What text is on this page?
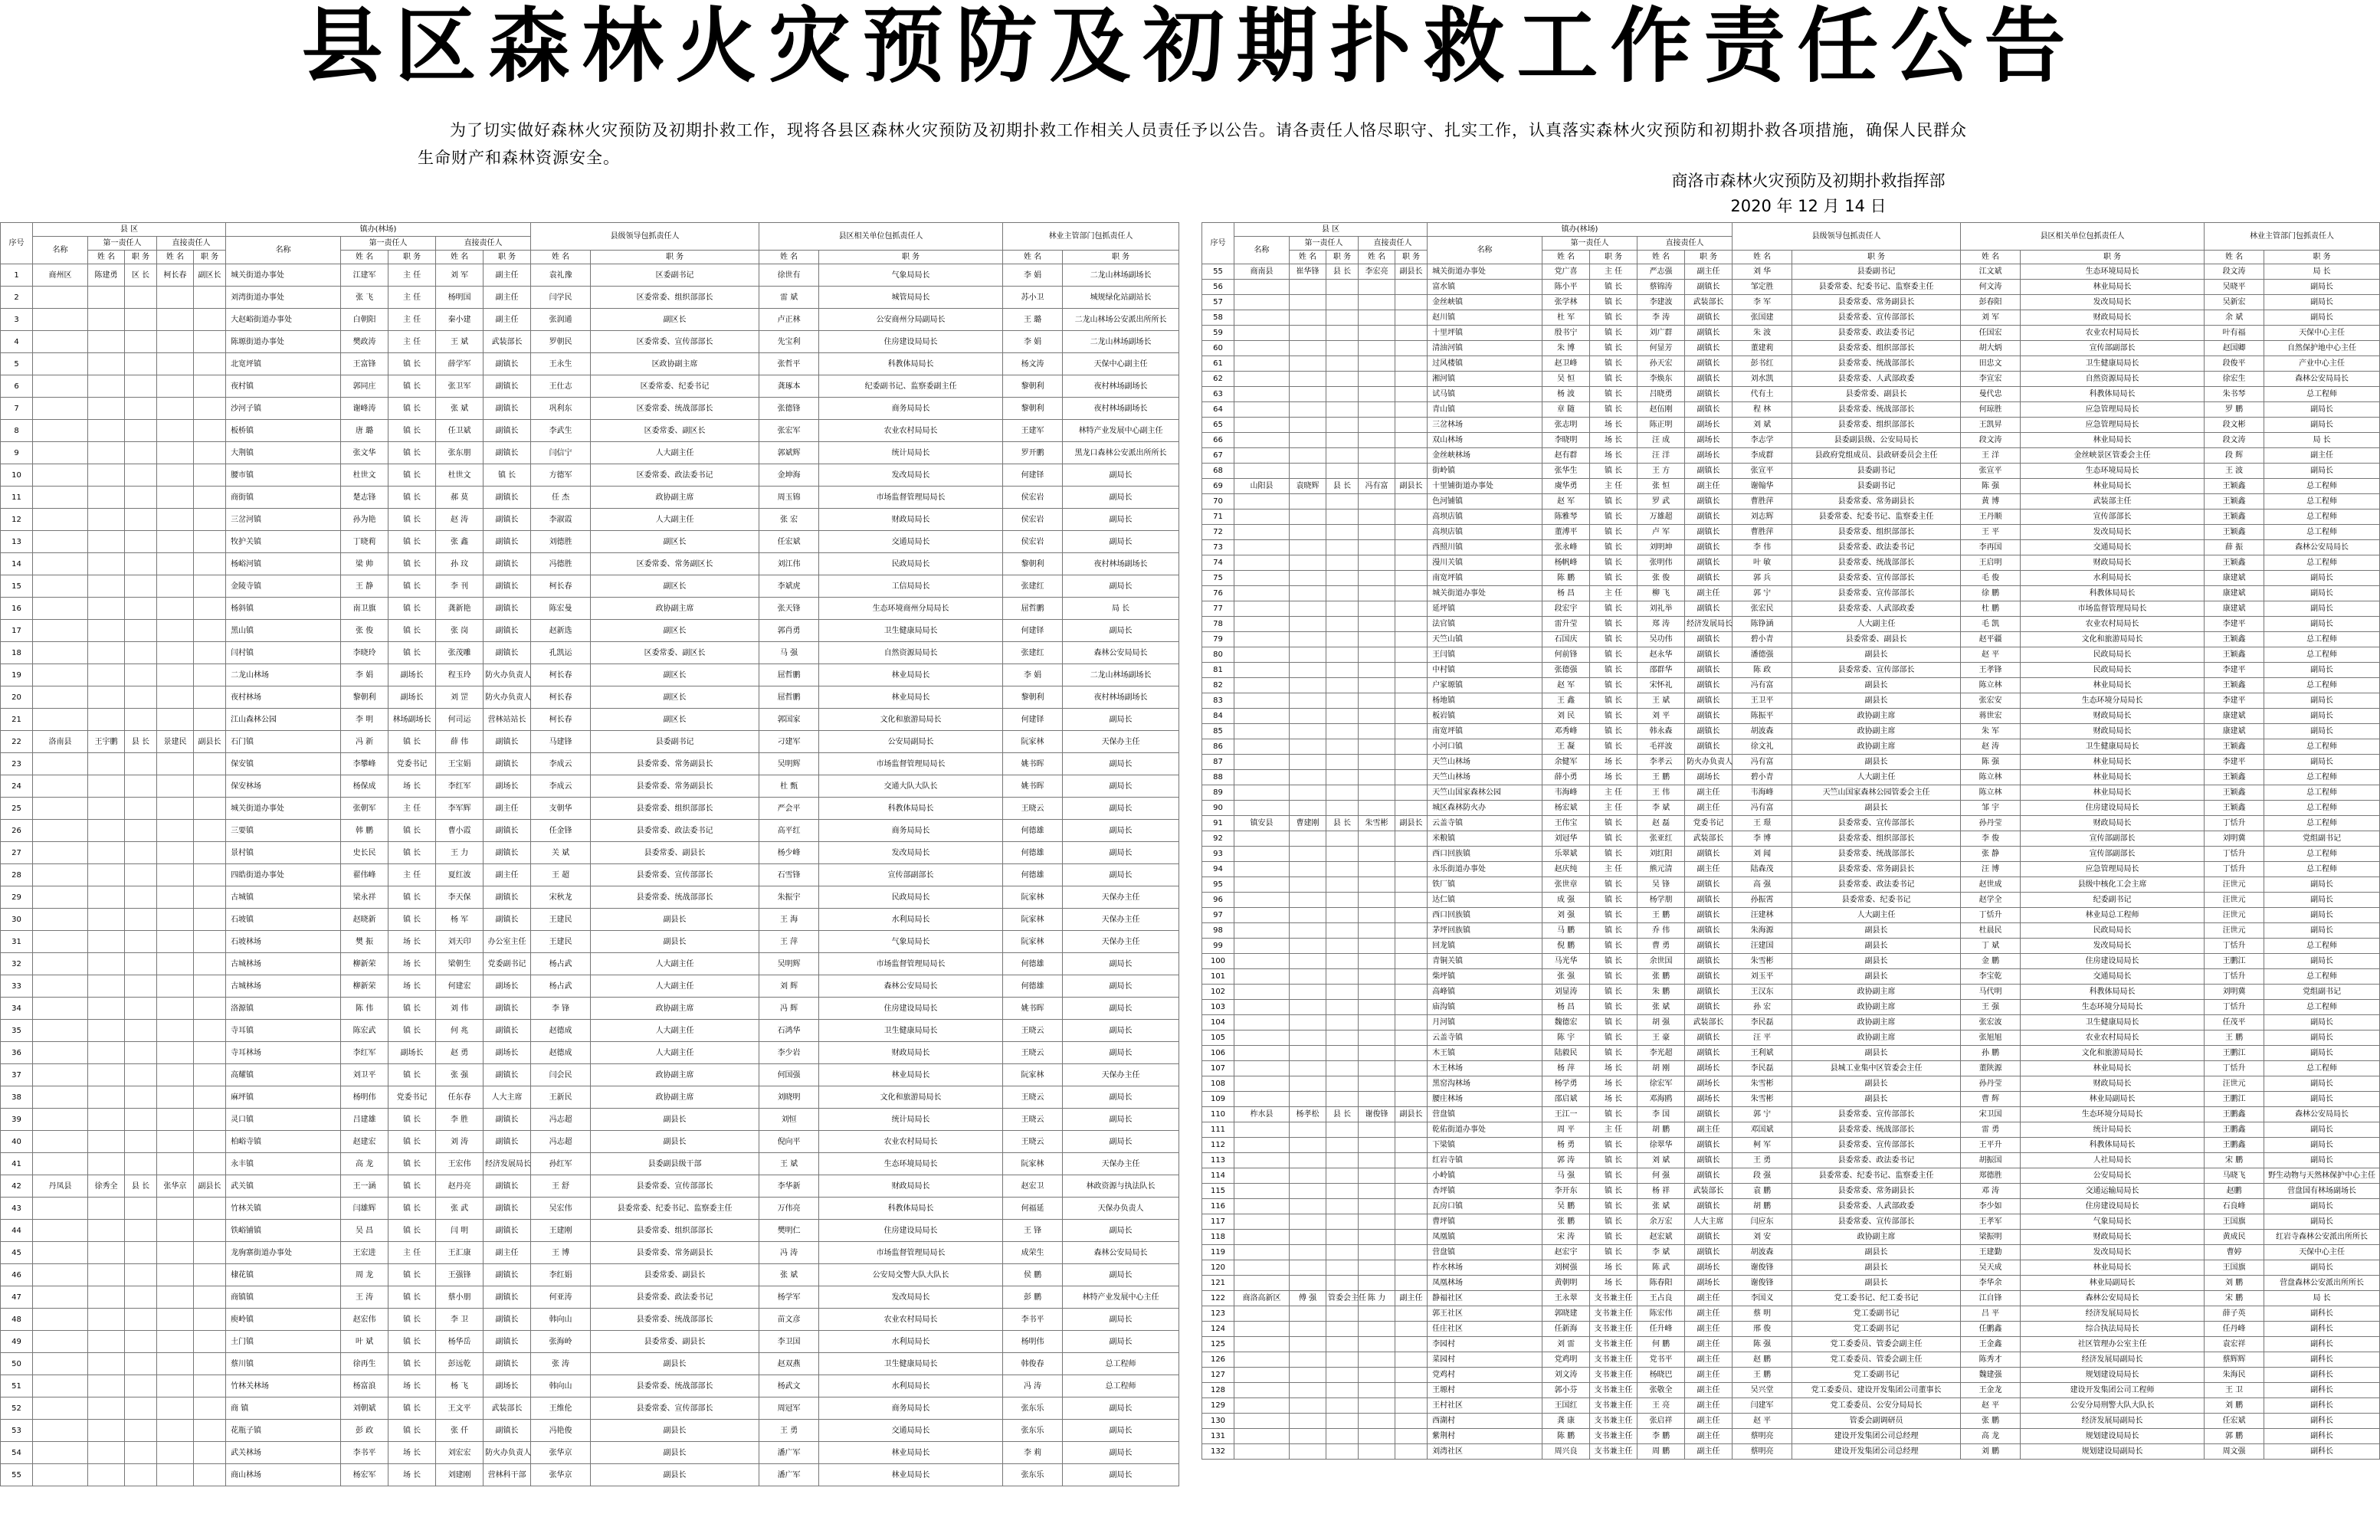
县区森林火灾预防及初期扑救工作责任公告

为了切实做好森林火灾预防及初期扑救工作，现将各县区森林火灾预防及初期扑救工作相关人员责任予以公告。请各责任人恪尽职守、扎实工作，认真落实森林火灾预防和初期扑救各项措施，确保人民群众生命财产和森林资源安全。

商洛市森林火灾预防及初期扑救指挥部
2020 年 12 月 14 日
序号	县 区					镇办(林场)					县级领导包抓责任人		县区相关单位包抓责任人		林业主管部门包抓责任人	
	名称	第一责任人		直接责任人		名称	第一责任人		直接责任人							
		姓 名	职 务	姓 名	职 务		姓 名	职 务	姓 名	职 务	姓 名	职 务	姓 名	职 务	姓 名	职 务
1	商州区	陈建勇	区 长	柯长春	副区长	城关街道办事处	江建军	主 任	刘 军	副主任	袁礼豫	区委副书记	徐世有	气象局局长	李 娟	二龙山林场副场长
2						刘湾街道办事处	张 飞	主 任	杨明国	副主任	闫学民	区委常委、组织部部长	雷 斌	城管局局长	苏小卫	城规绿化站副站长
3						大赵峪街道办事处	白朝阳	主 任	秦小建	副主任	张润通	副区长	卢正林	公安商州分局副局长	王 璐	二龙山林场公安派出所所长
4						陈塬街道办事处	樊政涛	主 任	王 斌	武装部长	罗朝民	区委常委、宣传部部长	先宝利	住房建设局局长	李 娟	二龙山林场副场长
5						北宽坪镇	王富锋	镇 长	薛学军	副镇长	王永生	区政协副主席	张哲平	科教体局局长	杨文涛	天保中心副主任
6						夜村镇	郭同庄	镇 长	张卫军	副镇长	王仕志	区委常委、纪委书记	龚琢本	纪委副书记、监察委副主任	黎朝利	夜村林场副场长
7						沙河子镇	谢峰涛	镇 长	张 斌	副镇长	巩利东	区委常委、统战部部长	张德锋	商务局局长	黎朝利	夜村林场副场长
8						板桥镇	唐 璐	镇 长	任卫斌	副镇长	李武生	区委常委、副区长	张宏军	农业农村局局长	王建军	林特产业发展中心副主任
9						大荆镇	张文华	镇 长	张东朋	副镇长	闫信宁	人大副主任	郭斌辉	统计局局长	罗开鹏	黑龙口森林公安派出所所长
10						腰市镇	杜世文	镇 长	杜世文	镇 长	方德军	区委常委、政法委书记	金坤海	发改局局长	何建铎	副局长
11						商街镇	楚志锋	镇 长	郝 莫	副镇长	任 杰	政协副主席	周玉锦	市场监督管理局局长	侯宏岩	副局长
12						三岔河镇	孙为艳	镇 长	赵 涛	副镇长	李淑霞	人大副主任	张 宏	财政局局长	侯宏岩	副局长
13						牧护关镇	丁晓莉	镇 长	张 鑫	副镇长	刘德胜	副区长	任宏斌	交通局局长	侯宏岩	副局长
14						杨峪河镇	梁 帅	镇 长	孙 玟	副镇长	冯德胜	区委常委、常务副区长	刘江伟	民政局局长	黎朝利	夜村林场副场长
15						金陵寺镇	王 静	镇 长	李 刊	副镇长	柯长春	副区长	李斌虎	工信局局长	张建红	副局长
16						杨斜镇	南卫旗	镇 长	龚新艳	副镇长	陈宏曼	政协副主席	张天锋	生态环境商州分局局长	屈哲鹏	局 长
17						黑山镇	张 俊	镇 长	张 岗	副镇长	赵新选	副区长	郭肖勇	卫生健康局局长	何建铎	副局长
18						闫村镇	李晓玲	镇 长	张茂雕	副镇长	孔凯运	区委常委、副区长	马 强	自然资源局局长	张建红	森林公安局局长
19						二龙山林场	李 娟	副场长	程玉玲	防火办负责人	柯长春	副区长	屈哲鹏	林业局局长	李 娟	二龙山林场副场长
20						夜村林场	黎朝利	副场长	刘 罡	防火办负责人	柯长春	副区长	屈哲鹏	林业局局长	黎朝利	夜村林场副场长
21						江山森林公园	李 明	林场副场长	何司运	营林站站长	柯长春	副区长	郭国家	文化和旅游局局长	何建铎	副局长
22	洛南县	王宇鹏	县 长	景建民	副县长	石门镇	冯 新	镇 长	薛 伟	副镇长	马建锋	县委副书记	刁建军	公安局副局长	阮家林	天保办主任
23						保安镇	李攀峰	党委书记	王宝娟	副镇长	李成云	县委常委、常务副县长	吴明辉	市场监督管理局局长	姚书晖	副局长
24						保安林场	杨保成	场 长	李红军	副场长	李成云	县委常委、常务副县长	杜 甄	交通大队大队长	姚书晖	副局长
25						城关街道办事处	张朝军	主 任	李军辉	副主任	支朝华	县委常委、组织部部长	严会平	科教体局局长	王晓云	副局长
26						三要镇	韩 鹏	镇 长	曹小霞	副镇长	任金锋	县委常委、政法委书记	高平红	商务局局长	何德雄	副局长
27						景村镇	史长民	镇 长	王 力	副镇长	关 斌	县委常委、副县长	杨少峰	发改局局长	何德雄	副局长
28						四皓街道办事处	翟伟峰	主 任	夏红波	副主任	王 超	县委常委、宣传部部长	石雪锋	宣传部副部长	何德雄	副局长
29						古城镇	梁永祥	镇 长	李天保	副镇长	宋秋龙	县委常委、统战部部长	朱振宇	民政局局长	阮家林	天保办主任
30						石坡镇	赵晓新	镇 长	杨 军	副镇长	王建民	副县长	王 海	水利局局长	阮家林	天保办主任
31						石坡林场	樊 振	场 长	刘天印	办公室主任	王建民	副县长	王 萍	气象局局长	阮家林	天保办主任
32						古城林场	柳新荣	场 长	梁朝生	党委副书记	杨占武	人大副主任	吴明辉	市场监督管理局局长	何德雄	副局长
33						古城林场	柳新荣	场 长	何建宏	副场长	杨占武	人大副主任	刘 辉	森林公安局局长	何德雄	副局长
34						洛源镇	陈 伟	镇 长	刘 伟	副镇长	李 锋	政协副主席	冯 辉	住房建设局局长	姚书晖	副局长
35						寺耳镇	陈宏武	镇 长	何 兆	副镇长	赵德成	人大副主任	石鸿华	卫生健康局局长	王晓云	副局长
36						寺耳林场	李红军	副场长	赵 勇	副场长	赵德成	人大副主任	李少岩	财政局局长	王晓云	副局长
37						高耀镇	刘卫平	镇 长	张 强	副镇长	闫会民	政协副主席	何国强	林业局局长	阮家林	天保办主任
38						麻坪镇	杨明伟	党委书记	任东春	人大主席	王新民	政协副主席	刘晓明	文化和旅游局局长	王晓云	副局长
39						灵口镇	吕建雄	镇 长	李 胜	副镇长	冯志超	副县长	刘恒	统计局局长	王晓云	副局长
40						柏峪寺镇	赵建宏	镇 长	刘 涛	副镇长	冯志超	副县长	倪向平	农业农村局局长	王晓云	副局长
41						永丰镇	高 龙	镇 长	王宏伟	经济发展局长	孙红军	县委副县级干部	王 斌	生态环境局局长	阮家林	天保办主任
42	丹凤县	徐秀全	县 长	张华京	副县长	武关镇	王一涵	镇 长	赵丹亮	副镇长	王 舒	县委常委、宣传部部长	李华新	财政局局长	赵宏卫	林政资源与执法队长
43						竹林关镇	闫雄辉	镇 长	张 武	副镇长	吴宏伟	县委常委、纪委书记、监察委主任	万伟亮	科教体局局长	何福延	天保办负责人
44						铁峪铺镇	吴 昌	镇 长	闫 明	副镇长	王建刚	县委常委、组织部部长	樊明仁	住房建设局局长	王 锋	副局长
45						龙驹寨街道办事处	王宏进	主 任	王汇康	副主任	王 博	县委常委、常务副县长	冯 涛	市场监督管理局局长	成荣生	森林公安局局长
46						棣花镇	周 龙	镇 长	王强锋	副镇长	李红娟	县委常委、副县长	张 斌	公安局交警大队大队长	侯 鹏	副局长
47						商镇镇	王 涛	镇 长	蔡小朋	副镇长	何亚涛	县委常委、政法委书记	杨学军	发改局局长	彭 鹏	林特产业发展中心主任
48						庾岭镇	赵宏伟	镇 长	李 卫	副镇长	韩向山	县委常委、统战部部长	苗文彦	农业农村局局长	李书平	副局长
49						土门镇	叶 斌	镇 长	杨华岳	副镇长	张海岭	县委常委、副县长	李卫国	水利局局长	杨明伟	副局长
50						蔡川镇	徐再生	镇 长	彭远乾	副镇长	张 涛	副县长	赵双燕	卫生健康局局长	韩俊春	总工程师
51						竹林关林场	杨富浪	场 长	杨 飞	副场长	韩向山	县委常委、统战部部长	杨武文	水利局局长	冯 涛	总工程师
52						商 镇	刘朝斌	镇 长	王文平	武装部长	王维伦	县委常委、宣传部部长	周冠军	商务局局长	张东乐	副局长
53						花瓶子镇	彭 政	镇 长	张 仟	副镇长	冯艳俊	副县长	王 勇	交通局局长	张东乐	副局长
54						武关林场	李书平	场 长	刘宏宏	防火办负责人	张华京	副县长	潘广军	林业局局长	李 莉	副局长
55						商山林场	杨宏军	场 长	刘建刚	营林科干部	张华京	副县长	潘广军	林业局局长	张东乐	副局长
序号	县 区					镇办(林场)					县级领导包抓责任人		县区相关单位包抓责任人		林业主管部门包抓责任人	
	名称	第一责任人		直接责任人		名称	第一责任人		直接责任人							
		姓 名	职 务	姓 名	职 务		姓 名	职 务	姓 名	职 务	姓 名	职 务	姓 名	职 务	姓 名	职 务
55	商南县	崔华锋	县 长	李宏亮	副县长	城关街道办事处	党广喜	主 任	严志强	副主任	刘 华	县委副书记	江文斌	生态环境局局长	段文涛	局 长
56						富水镇	陈小平	镇 长	蔡锦涛	副镇长	邹定胜	县委常委、纪委书记、监察委主任	何文涛	林业局局长	吴晓平	副局长
57						金丝峡镇	张学林	镇 长	李建波	武装部长	李 军	县委常委、常务副县长	彭春阳	发改局局长	吴新宏	副局长
58						赵川镇	杜 军	镇 长	李 涛	副镇长	张国建	县委常委、宣传部部长	刘 军	财政局局长	余 斌	副局长
59						十里坪镇	殷书宁	镇 长	刘广群	副镇长	朱 波	县委常委、政法委书记	任国宏	农业农村局局长	叶有福	天保中心主任
60						清油河镇	朱 博	镇 长	何显芳	副镇长	董建莉	县委常委、组织部部长	胡大炳	宣传部副部长	赵国卿	自然保护地中心主任
61						过风楼镇	赵卫峰	镇 长	孙天宏	副镇长	彭书红	县委常委、统战部部长	田忠文	卫生健康局局长	段俊平	产业中心主任
62						湘河镇	吴 恒	镇 长	李焕东	副镇长	刘水凯	县委常委、人武部政委	李宣宏	自然资源局局长	徐宏生	森林公安局局长
63						试马镇	杨 波	镇 长	吕晓勇	副镇长	代有土	县委常委、副县长	曼代忠	科教体局局长	朱书琴	总工程师
64						青山镇	章 随	镇 长	赵伍刚	副镇长	程 林	县委常委、统战部部长	何琼胜	应急管理局局长	罗 鹏	副局长
65						三岔林场	张志明	场 长	陈正明	副场长	刘 斌	县委常委、组织部部长	王凯昇	应急管理局局长	段文彬	副局长
66						双山林场	李晓明	场 长	汪 成	副场长	李志学	县委副县级、公安局局长	段文涛	林业局局长	段文涛	局 长
67						金丝峡林场	赵有群	场 长	汪 洋	副场长	李成群	县政府党组成员、县政研委员会主任	王 洋	金丝峡景区管委会主任	段 辉	副主任
68						街岭镇	张华生	镇 长	王 方	副镇长	张宣平	县委副书记	张宣平	生态环境局局长	王 波	副局长
69	山阳县	袁晓辉	县 长	冯有富	副县长	十里铺街道办事处	虞华勇	主 任	张 恒	副主任	谢翰华	县委副书记	陈 强	林业局局长	王颖鑫	总工程师
70						色河铺镇	赵 军	镇 长	罗 武	副镇长	曹胜萍	县委常委、常务副县长	黄 博	武装部主任	王颖鑫	总工程师
71						高坝店镇	陈雅琴	镇 长	万雄超	副镇长	刘志辉	县委常委、纪委书记、监察委主任	王丹顺	宣传部部长	王颖鑫	总工程师
72						高坝店镇	董溥平	镇 长	卢 军	副镇长	曹胜萍	县委常委、组织部部长	王 平	发改局局长	王颖鑫	总工程师
73						西照川镇	张永峰	镇 长	刘明坤	副镇长	李 伟	县委常委、政法委书记	李再国	交通局局长	薛 振	森林公安局局长
74						漫川关镇	杨帆峰	镇 长	张明伟	副镇长	叶 敏	县委常委、统战部部长	王启明	财政局局长	王颖鑫	总工程师
75						南宽坪镇	陈 鹏	镇 长	张 俊	副镇长	郭 兵	县委常委、宣传部部长	毛 俊	水利局局长	康建斌	副局长
76						城关街道办事处	杨 昌	主 任	柳 飞	副主任	郭 宁	县委常委、宣传部部长	徐 鹏	科教体局局长	康建斌	副局长
77						延坪镇	段宏宇	镇 长	刘礼举	副镇长	张宏民	县委常委、人武部政委	杜 鹏	市场监督管理局局长	康建斌	副局长
78						法官镇	雷升莹	镇 长	郑 涛	经济发展局长	陈铮涵	人大副主任	毛 凯	农业农村局局长	李建平	副局长
79						天竺山镇	石国庆	镇 长	吴功伟	副镇长	碧小青	县委常委、副县长	赵平疆	文化和旅游局局长	王颖鑫	总工程师
80						王闫镇	何前锋	镇 长	赵永华	副镇长	潘德强	副县长	赵 平	民政局局长	王颖鑫	总工程师
81						中村镇	张德强	镇 长	邵群华	副镇长	陈 政	县委常委、宣传部部长	王孝锋	民政局局长	李建平	副局长
82						户家塬镇	赵 军	镇 长	宋怀礼	副镇长	冯有富	副县长	陈立林	林业局局长	王颖鑫	总工程师
83						杨地镇	王 鑫	镇 长	王 斌	副镇长	王卫平	副县长	张宏安	生态环境分局局长	李建平	副局长
84						板岩镇	刘 民	镇 长	刘 平	副镇长	陈振平	政协副主席	蒋世宏	财政局局长	康建斌	副局长
85						南宽坪镇	邓秀峰	镇 长	韩永森	副镇长	胡波森	政协副主席	朱 军	财政局局长	康建斌	副局长
86						小河口镇	王 凝	镇 长	毛祥波	副镇长	徐文礼	政协副主席	赵 涛	卫生健康局局长	王颖鑫	总工程师
87						天竺山林场	余健军	场 长	李孝云	防火办负责人	冯有富	副县长	陈 强	林业局局长	李建平	副局长
88						天竺山林场	薛小勇	场 长	王 鹏	副场长	碧小青	人大副主任	陈立林	林业局局长	王颖鑫	总工程师
89						天竺山国家森林公园	韦海峰	主 任	王 伟	副主任	韦海峰	天竺山国家森林公园管委会主任	陈立林	林业局局长	王颖鑫	总工程师
90						城区森林防火办	杨宏斌	主 任	李 斌	副主任	冯有富	副县长	邹 宇	住房建设局局长	王颖鑫	总工程师
91	镇安县	曹建刚	县 长	朱雪彬	副县长	云盖寺镇	王伟宝	镇 长	赵 磊	党委书记	王 璟	县委常委、宣传部部长	孙丹莹	财政局局长	丁恬升	总工程师
92						米粮镇	刘冠华	镇 长	张亚红	武装部长	李 博	县委常委、组织部部长	李 俊	宣传部副部长	刘明冀	党组副书记
93						西口回族镇	乐翠斌	镇 长	刘红阳	副镇长	刘 闻	县委常委、统战部部长	张 静	宣传部副部长	丁恬升	总工程师
94						永乐街道办事处	赵庆纯	主 任	熊元清	副主任	陆森茂	县委常委、常务副县长	汪 博	应急管理局局长	丁恬升	总工程师
95						铁厂镇	张世章	镇 长	吴 锋	副镇长	高 强	县委常委、政法委书记	赵世成	县级中核化工会主席	汪世元	副局长
96						达仁镇	成 强	镇 长	杨学朋	副镇长	孙振霄	县委常委、纪委书记	赵学全	纪委副书记	汪世元	副局长
97						西口回族镇	刘 强	镇 长	王 鹏	副镇长	汪建林	人大副主任	丁恬升	林业局总工程师	汪世元	副局长
98						茅坪回族镇	马 鹏	镇 长	乔 伟	副镇长	朱海源	副县长	杜晨民	民政局局长	汪世元	副局长
99						回龙镇	倪 鹏	镇 长	曹 勇	副镇长	汪建国	副县长	丁 斌	发改局局长	丁恬升	总工程师
100						青铜关镇	马光华	镇 长	余世国	副镇长	朱雪彬	副县长	金 鹏	住房建设局局长	王鹏江	副局长
101						柴坪镇	张 强	镇 长	张 鹏	副镇长	刘玉平	副县长	李宝乾	交通局局长	丁恬升	总工程师
102						高峰镇	刘显涛	镇 长	朱 鹏	副镇长	王汉东	政协副主席	马代明	科教体局局长	刘明冀	党组副书记
103						庙沟镇	杨 昌	镇 长	张 斌	副镇长	孙 宏	政协副主席	王 强	生态环境分局局长	丁恬升	总工程师
104						月河镇	魏德宏	镇 长	胡 强	武装部长	李民磊	政协副主席	张宏波	卫生健康局局长	任茂平	副局长
105						云盖寺镇	陈 宇	镇 长	王 豪	副镇长	汪 平	政协副主席	张旭旭	农业农村局局长	王 鹏	副局长
106						木王镇	陆毅民	镇 长	李光超	副镇长	王利斌	副县长	孙 鹏	文化和旅游局局长	王鹏江	副局长
107						木王林场	杨 萍	场 长	胡 刚	副场长	李民磊	县城工业集中区管委会主任	董陕源	林业局局长	丁恬升	总工程师
108						黑窑沟林场	杨学勇	场 长	徐宏军	副场长	朱雪彬	副县长	孙丹莹	财政局局长	汪世元	副局长
109						腰庄林场	邵启斌	场 长	邓海鸥	副场长	朱雪彬	副县长	曹 辉	林业局副局长	王鹏江	副局长
110	柞水县	杨孝松	县 长	谢俊锋	副县长	营盘镇	王江一	镇 长	李 国	副镇长	郭 宁	县委常委、宣传部部长	宋卫国	生态环境分局局长	王鹏鑫	森林公安局局长
111						乾佑街道办事处	周 平	主 任	胡 鹏	副主任	邓国斌	县委常委、统战部部长	雷 勇	统计局局长	王鹏鑫	副局长
112						下梁镇	杨 勇	镇 长	徐翠华	副镇长	柯 军	县委常委、宣传部部长	王平升	科教体局局长	王鹏鑫	副局长
113						红岩寺镇	郭 涛	镇 长	刘 斌	副镇长	王 勇	县委常委、政法委书记	胡振国	人社局局长	宋 鹏	副局长
114						小岭镇	马 强	镇 长	何 强	副镇长	段 强	县委常委、纪委书记、监察委主任	郑德胜	公安局局长	马晓飞	野生动物与天然林保护中心主任
115						杏坪镇	李开东	镇 长	杨 祥	武装部长	袁 鹏	县委常委、常务副县长	邓 涛	交通运输局局长	赵鹏	营盘国有林场副场长
116						瓦房口镇	吴 鹏	镇 长	张 斌	副镇长	胡 鹏	县委常委、人武部政委	李少如	住房建设局局长	石良峰	副局长
117						曹坪镇	张 鹏	镇 长	余万宏	人大主席	闫应东	县委常委、宣传部部长	王孝军	气象局局长	王国旗	副局长
118						凤凰镇	宋 涛	镇 长	赵宏斌	副镇长	刘 安	政协副主席	梁振明	财政局局长	黄成民	红岩寺森林公安派出所所长
119						营盘镇	赵宏宇	镇 长	李 斌	副镇长	胡波森	副县长	王建勤	发改局局长	曹婷	天保中心主任
120						柞水林场	刘树强	场 长	陈 武	副场长	谢俊锋	副县长	吴天成	林业局局长	王国旗	副局长
121						凤凰林场	黄朝明	场 长	陈春阳	副场长	谢俊锋	副县长	李华余	林业局副局长	刘 鹏	营盘森林公安派出所所长
122	商洛高新区	傅 强	管委会主任	陈 力	副主任	静福社区	王永翠	支书兼主任	王占良	副主任	李国义	党工委书记、纪工委书记	江自锋	森林公安局局长	宋 鹏	局 长
123						郭王社区	郭晓建	支书兼主任	陈宏伟	副主任	蔡 明	党工委副书记	吕 平	经济发展局局长	薛子英	副科长
124						任庄社区	任新海	支书兼主任	任升峰	副主任	邢 俊	党工委副书记	任鹏鑫	综合执法局局长	任丹峰	副科长
125						李园村	刘 雷	支书兼主任	何 鹏	副主任	陈 强	党工委委员、管委会副主任	王金鑫	社区管理办公室主任	袁宏祥	副科长
126						菜园村	党鸡明	支书兼主任	党书平	副主任	赵 鹏	党工委委员、管委会副主任	陈秀才	经济发展局副局长	蔡辉辉	副科长
127						党鸡村	刘文涛	支书兼主任	杨晓巴	副主任	王 鹏	党工委副书记	魏建强	规划建设局局长	朱海民	副科长
128						王塬村	郭小芬	支书兼主任	张敬全	副主任	吴兴堂	党工委委员、建设开发集团公司董事长	王金龙	建设开发集团公司工程师	王 卫	副科长
129						王村社区	王国红	支书兼主任	王 亮	副主任	闫建军	党工委委员、公安分局局长	赵 平	公安分局刑警大队大队长	刘 鹏	副科长
130						西湖村	龚 康	支书兼主任	张启祥	副主任	赵 平	管委会副调研员	张 鹏	经济发展局副局长	任宏斌	副科长
131						紫荆村	陈 鹏	支书兼主任	李 鹏	副主任	蔡明亮	建设开发集团公司总经理	高 龙	规划建设局局长	郭 鹏	副科长
132						刘湾社区	周兴良	支书兼主任	周 鹏	副主任	蔡明亮	建设开发集团公司总经理	刘 鹏	规划建设局副局长	周文强	副科长
